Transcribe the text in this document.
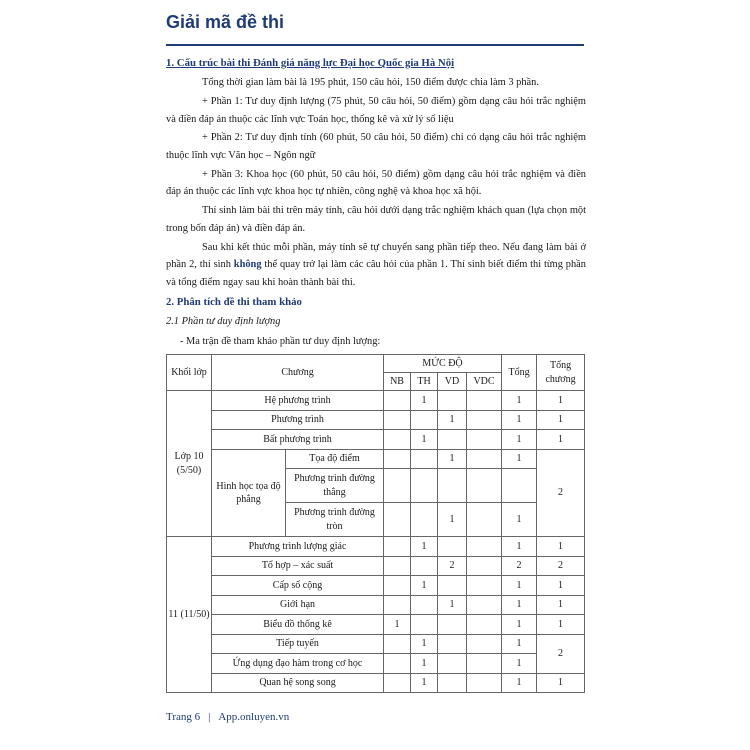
Giải mã đề thi
1. Cấu trúc bài thi Đánh giá năng lực Đại học Quốc gia Hà Nội

Tổng thời gian làm bài là 195 phút, 150 câu hỏi, 150 điểm được chia làm 3 phần.

+ Phần 1: Tư duy định lượng (75 phút, 50 câu hỏi, 50 điểm) gồm dạng câu hỏi trắc nghiệm và điền đáp án thuộc các lĩnh vực Toán học, thống kê và xử lý số liệu

+ Phần 2: Tư duy định tính (60 phút, 50 câu hỏi, 50 điểm) chỉ có dạng câu hỏi trắc nghiệm thuộc lĩnh vực Văn học – Ngôn ngữ

+ Phần 3: Khoa học (60 phút, 50 câu hỏi, 50 điểm) gồm dạng câu hỏi trắc nghiệm và điền đáp án thuộc các lĩnh vực khoa học tự nhiên, công nghệ và khoa học xã hội.

Thí sinh làm bài thi trên máy tính, câu hỏi dưới dạng trắc nghiệm khách quan (lựa chọn một trong bốn đáp án) và điền đáp án.

Sau khi kết thúc mỗi phần, máy tính sẽ tự chuyển sang phần tiếp theo. Nếu đang làm bài ở phần 2, thí sinh không thể quay trở lại làm các câu hỏi của phần 1. Thí sinh biết điểm thi từng phần và tổng điểm ngay sau khi hoàn thành bài thi.

2. Phân tích đề thi tham khảo
2.1 Phần tư duy định lượng
- Ma trận đề tham khảo phần tư duy định lượng:
Khối lớp	Chương		MỨC ĐỘ				Tổng	Tổng chương
			NB	TH	VD	VDC		
Lớp 10 (5/50)	Hệ phương trình			1			1	1
	Phương trình				1		1	1
	Bất phương trình			1			1	1
	Hình học tọa độ phẳng	Tọa độ điểm			1		1	2
		Phương trình đường thẳng						
		Phương trình đường tròn			1		1	
11 (11/50)	Phương trình lượng giác			1			1	1
	Tổ hợp – xác suất				2		2	2
	Cấp số cộng			1			1	1
	Giới hạn				1		1	1
	Biểu đồ thống kê		1				1	1
	Tiếp tuyến			1			1	2
	Ứng dụng đạo hàm trong cơ học			1			1	
	Quan hệ song song			1			1	1
Trang 6 | App.onluyen.vn
